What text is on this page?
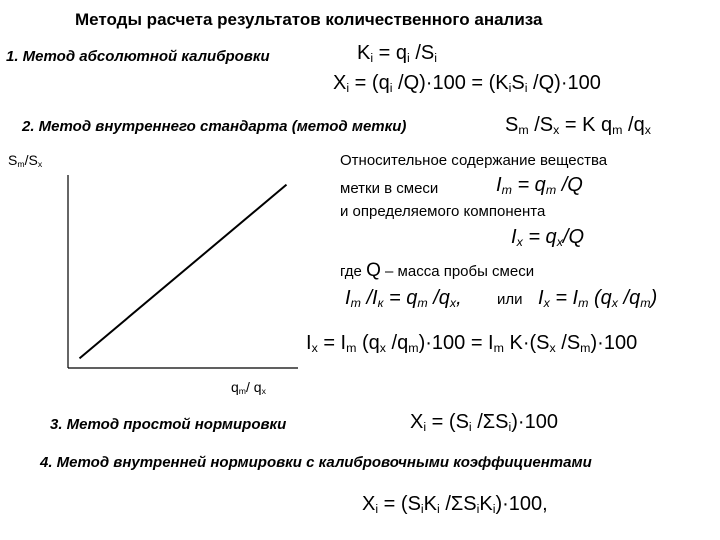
Методы расчета результатов количественного анализа
1. Метод абсолютной калибровки	$K_i = q_i$ $/S_i$
$X_i = (q_i$ $/Q)\cdot 100 = (K_iS_i$ /Q)·100
2. Метод внутреннего стандарта (метод метки)	$S_m$ $/S_x = K$ $q_m$ $/q_x$
Относительное содержание вещества
метки в смеси	$I_m = q_m$ /Q
и определяемого компонента
$I_x = q_x/Q$
где Q – масса пробы смеси
$I_m$ $/I_к = q_m$ $/q_x$, или $I_x = I_m$ ($q_x$ $/q_m$)
$I_x = I_m$ ($q_x$ $/q_m)\cdot 100 = I_m$ $K\cdot(S_x$ $/S_m)\cdot 100$
$S_m/S_x$
$q_m/$ $q_x$
3. Метод простой нормировки	$X_i = (S_i$ $/\Sigma S_i)\cdot 100$
4. Метод внутренней нормировки с калибровочными коэффициентами
$X_i = (S_iK_i$ $/\Sigma S_iK_i)\cdot 100$,
